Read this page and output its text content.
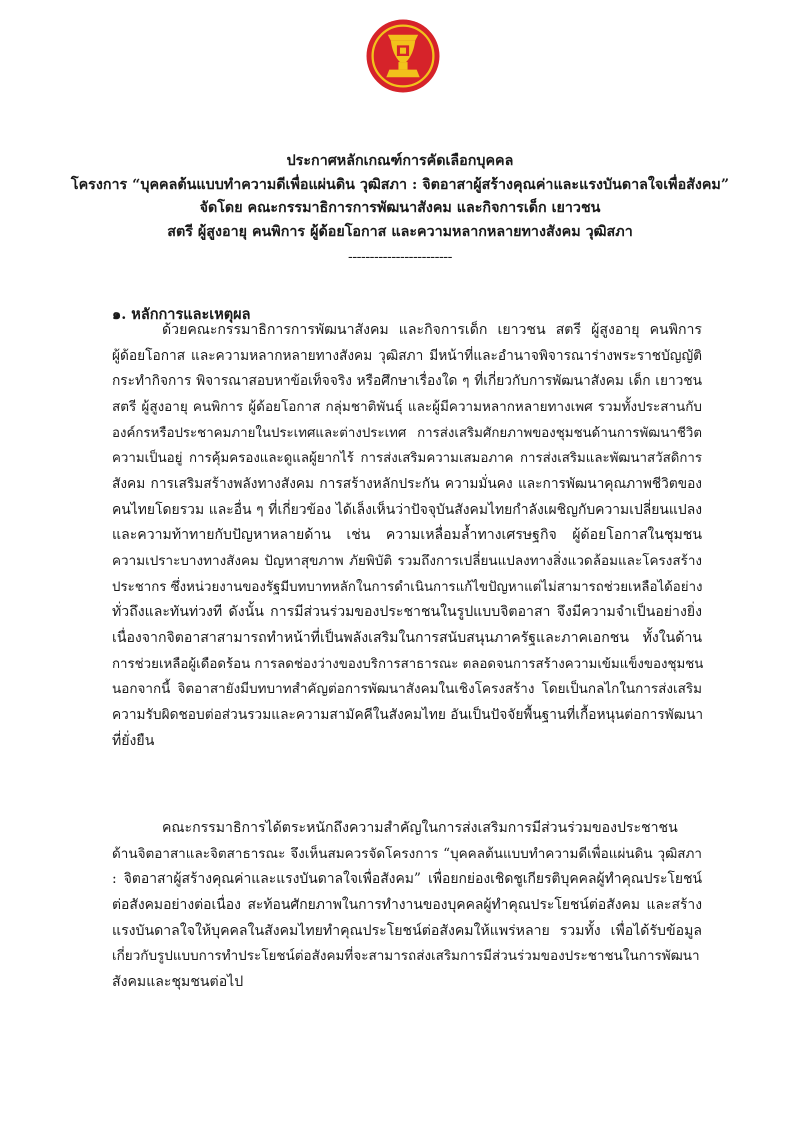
ประกาศหลักเกณฑ์การคัดเลือกบุคคล
โครงการ “บุคคลต้นแบบทำความดีเพื่อแผ่นดิน วุฒิสภา : จิตอาสาผู้สร้างคุณค่าและแรงบันดาลใจเพื่อสังคม”
จัดโดย คณะกรรมาธิการการพัฒนาสังคม และกิจการเด็ก เยาวชน
สตรี ผู้สูงอายุ คนพิการ ผู้ด้อยโอกาส และความหลากหลายทางสังคม วุฒิสภา
------------------------
๑. หลักการและเหตุผล
ด้วยคณะกรรมาธิการการพัฒนาสังคม และกิจการเด็ก เยาวชน สตรี ผู้สูงอายุ คนพิการ
ผู้ด้อยโอกาส และความหลากหลายทางสังคม วุฒิสภา มีหน้าที่และอำนาจพิจารณาร่างพระราชบัญญัติ
กระทำกิจการ พิจารณาสอบหาข้อเท็จจริง หรือศึกษาเรื่องใด ๆ ที่เกี่ยวกับการพัฒนาสังคม เด็ก เยาวชน
สตรี ผู้สูงอายุ คนพิการ ผู้ด้อยโอกาส กลุ่มชาติพันธุ์ และผู้มีความหลากหลายทางเพศ รวมทั้งประสานกับ
องค์กรหรือประชาคมภายในประเทศและต่างประเทศ การส่งเสริมศักยภาพของชุมชนด้านการพัฒนาชีวิต
ความเป็นอยู่ การคุ้มครองและดูแลผู้ยากไร้ การส่งเสริมความเสมอภาค การส่งเสริมและพัฒนาสวัสดิการ
สังคม การเสริมสร้างพลังทางสังคม การสร้างหลักประกัน ความมั่นคง และการพัฒนาคุณภาพชีวิตของ
คนไทยโดยรวม และอื่น ๆ ที่เกี่ยวข้อง ได้เล็งเห็นว่าปัจจุบันสังคมไทยกำลังเผชิญกับความเปลี่ยนแปลง
และความท้าทายกับปัญหาหลายด้าน เช่น ความเหลื่อมล้ำทางเศรษฐกิจ ผู้ด้อยโอกาสในชุมชน
ความเปราะบางทางสังคม ปัญหาสุขภาพ ภัยพิบัติ รวมถึงการเปลี่ยนแปลงทางสิ่งแวดล้อมและโครงสร้าง
ประชากร ซึ่งหน่วยงานของรัฐมีบทบาทหลักในการดำเนินการแก้ไขปัญหาแต่ไม่สามารถช่วยเหลือได้อย่าง
ทั่วถึงและทันท่วงที ดังนั้น การมีส่วนร่วมของประชาชนในรูปแบบจิตอาสา จึงมีความจำเป็นอย่างยิ่ง
เนื่องจากจิตอาสาสามารถทำหน้าที่เป็นพลังเสริมในการสนับสนุนภาครัฐและภาคเอกชน ทั้งในด้าน
การช่วยเหลือผู้เดือดร้อน การลดช่องว่างของบริการสาธารณะ ตลอดจนการสร้างความเข้มแข็งของชุมชน
นอกจากนี้ จิตอาสายังมีบทบาทสำคัญต่อการพัฒนาสังคมในเชิงโครงสร้าง โดยเป็นกลไกในการส่งเสริม
ความรับผิดชอบต่อส่วนรวมและความสามัคคีในสังคมไทย อันเป็นปัจจัยพื้นฐานที่เกื้อหนุนต่อการพัฒนา
ที่ยั่งยืน
คณะกรรมาธิการได้ตระหนักถึงความสำคัญในการส่งเสริมการมีส่วนร่วมของประชาชน
ด้านจิตอาสาและจิตสาธารณะ จึงเห็นสมควรจัดโครงการ “บุคคลต้นแบบทำความดีเพื่อแผ่นดิน วุฒิสภา
: จิตอาสาผู้สร้างคุณค่าและแรงบันดาลใจเพื่อสังคม” เพื่อยกย่องเชิดชูเกียรติบุคคลผู้ทำคุณประโยชน์
ต่อสังคมอย่างต่อเนื่อง สะท้อนศักยภาพในการทำงานของบุคคลผู้ทำคุณประโยชน์ต่อสังคม และสร้าง
แรงบันดาลใจให้บุคคลในสังคมไทยทำคุณประโยชน์ต่อสังคมให้แพร่หลาย รวมทั้ง เพื่อได้รับข้อมูล
เกี่ยวกับรูปแบบการทำประโยชน์ต่อสังคมที่จะสามารถส่งเสริมการมีส่วนร่วมของประชาชนในการพัฒนา
สังคมและชุมชนต่อไป
